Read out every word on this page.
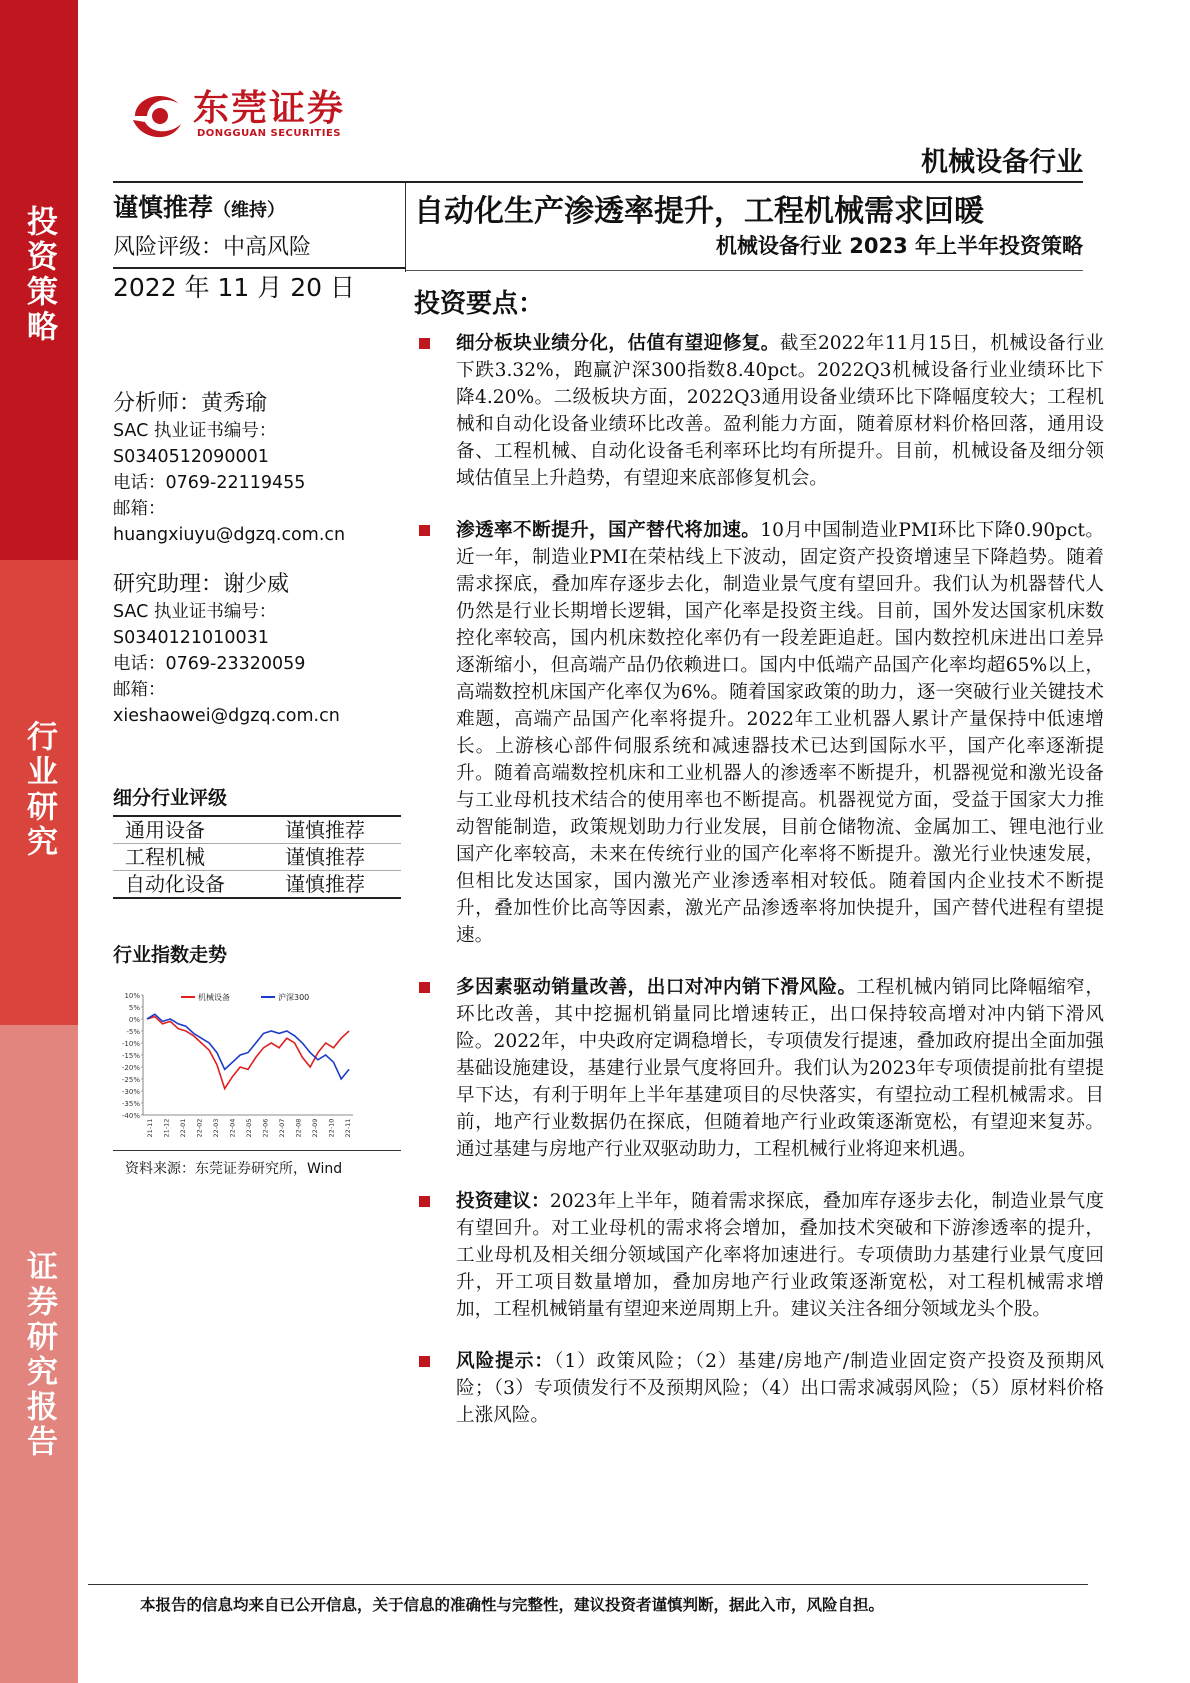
投资策略
行业研究
证券研究报告
东莞证券
DONGGUAN SECURITIES
机械设备行业
谨慎推荐（维持）
风险评级：中高风险
2022 年 11 月 20 日
自动化生产渗透率提升，工程机械需求回暖
机械设备行业 2023 年上半年投资策略
投资要点：
分析师：黄秀瑜
SAC 执业证书编号：
S0340512090001
电话：0769-22119455
邮箱：
huangxiuyu@dgzq.com.cn
研究助理：谢少威
SAC 执业证书编号：
S0340121010031
电话：0769-23320059
邮箱：
xieshaowei@dgzq.com.cn
细分行业评级
通用设备	谨慎推荐
工程机械	谨慎推荐
自动化设备	谨慎推荐
行业指数走势
10%
5%
0%
-5%
-10%
-15%
-20%
-25%
-30%
-35%
-40%
21-11 21-12 22-01 22-02 22-03 22-04 22-05 22-06 22-07 22-08 22-09 22-10 22-11
机械设备	沪深300
资料来源：东莞证券研究所，Wind
细分板块业绩分化，估值有望迎修复。截至2022年11月15日，机械设备行业下跌3.32%，跑赢沪深300指数8.40pct。2022Q3机械设备行业业绩环比下降4.20%。二级板块方面，2022Q3通用设备业绩环比下降幅度较大；工程机械和自动化设备业绩环比改善。盈利能力方面，随着原材料价格回落，通用设备、工程机械、自动化设备毛利率环比均有所提升。目前，机械设备及细分领域估值呈上升趋势，有望迎来底部修复机会。
渗透率不断提升，国产替代将加速。10月中国制造业PMI环比下降0.90pct。近一年，制造业PMI在荣枯线上下波动，固定资产投资增速呈下降趋势。随着需求探底，叠加库存逐步去化，制造业景气度有望回升。我们认为机器替代人仍然是行业长期增长逻辑，国产化率是投资主线。目前，国外发达国家机床数控化率较高，国内机床数控化率仍有一段差距追赶。国内数控机床进出口差异逐渐缩小，但高端产品仍依赖进口。国内中低端产品国产化率均超65%以上，高端数控机床国产化率仅为6%。随着国家政策的助力，逐一突破行业关键技术难题，高端产品国产化率将提升。2022年工业机器人累计产量保持中低速增长。上游核心部件伺服系统和减速器技术已达到国际水平，国产化率逐渐提升。随着高端数控机床和工业机器人的渗透率不断提升，机器视觉和激光设备与工业母机技术结合的使用率也不断提高。机器视觉方面，受益于国家大力推动智能制造，政策规划助力行业发展，目前仓储物流、金属加工、锂电池行业国产化率较高，未来在传统行业的国产化率将不断提升。激光行业快速发展，但相比发达国家，国内激光产业渗透率相对较低。随着国内企业技术不断提升，叠加性价比高等因素，激光产品渗透率将加快提升，国产替代进程有望提速。
多因素驱动销量改善，出口对冲内销下滑风险。工程机械内销同比降幅缩窄，环比改善，其中挖掘机销量同比增速转正，出口保持较高增对冲内销下滑风险。2022年，中央政府定调稳增长，专项债发行提速，叠加政府提出全面加强基础设施建设，基建行业景气度将回升。我们认为2023年专项债提前批有望提早下达，有利于明年上半年基建项目的尽快落实，有望拉动工程机械需求。目前，地产行业数据仍在探底，但随着地产行业政策逐渐宽松，有望迎来复苏。通过基建与房地产行业双驱动助力，工程机械行业将迎来机遇。
投资建议：2023年上半年，随着需求探底，叠加库存逐步去化，制造业景气度有望回升。对工业母机的需求将会增加，叠加技术突破和下游渗透率的提升，工业母机及相关细分领域国产化率将加速进行。专项债助力基建行业景气度回升，开工项目数量增加，叠加房地产行业政策逐渐宽松，对工程机械需求增加，工程机械销量有望迎来逆周期上升。建议关注各细分领域龙头个股。
风险提示：（1）政策风险；（2）基建/房地产/制造业固定资产投资及预期风险；（3）专项债发行不及预期风险；（4）出口需求减弱风险；（5）原材料价格上涨风险。
本报告的信息均来自已公开信息，关于信息的准确性与完整性，建议投资者谨慎判断，据此入市，风险自担。
